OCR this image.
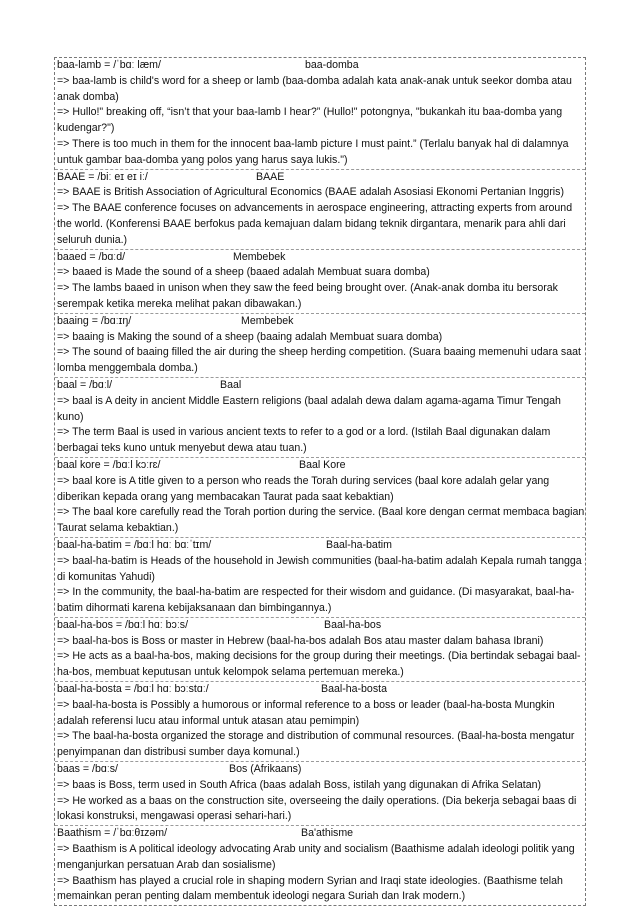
baa-lamb = /ˈbɑː læm/	baa-domba
=> baa-lamb is child's word for a sheep or lamb (baa-domba adalah kata anak-anak untuk seekor domba atau anak domba)
=> Hullo!" breaking off, “isn’t that your baa-lamb I hear?” (Hullo!" potongnya, "bukankah itu baa-domba yang kudengar?")
=> There is too much in them for the innocent baa-lamb picture I must paint.” (Terlalu banyak hal di dalamnya untuk gambar baa-domba yang polos yang harus saya lukis.")
BAAE = /biː eɪ eɪ iː/	BAAE
=> BAAE is British Association of Agricultural Economics (BAAE adalah Asosiasi Ekonomi Pertanian Inggris)
=> The BAAE conference focuses on advancements in aerospace engineering, attracting experts from around the world. (Konferensi BAAE berfokus pada kemajuan dalam bidang teknik dirgantara, menarik para ahli dari seluruh dunia.)
baaed = /bɑːd/	Membebek
=> baaed is Made the sound of a sheep (baaed adalah Membuat suara domba)
=> The lambs baaed in unison when they saw the feed being brought over. (Anak-anak domba itu bersorak serempak ketika mereka melihat pakan dibawakan.)
baaing = /bɑːɪŋ/	Membebek
=> baaing is Making the sound of a sheep (baaing adalah Membuat suara domba)
=> The sound of baaing filled the air during the sheep herding competition. (Suara baaing memenuhi udara saat lomba menggembala domba.)
baal = /bɑːl/	Baal
=> baal is A deity in ancient Middle Eastern religions (baal adalah dewa dalam agama-agama Timur Tengah kuno)
=> The term Baal is used in various ancient texts to refer to a god or a lord. (Istilah Baal digunakan dalam berbagai teks kuno untuk menyebut dewa atau tuan.)
baal kore = /bɑːl kɔːrɛ/	Baal Kore
=> baal kore is A title given to a person who reads the Torah during services (baal kore adalah gelar yang diberikan kepada orang yang membacakan Taurat pada saat kebaktian)
=> The baal kore carefully read the Torah portion during the service. (Baal kore dengan cermat membaca bagian Taurat selama kebaktian.)
baal-ha-batim = /bɑːl hɑː bɑːˈtɪm/	Baal-ha-batim
=> baal-ha-batim is Heads of the household in Jewish communities (baal-ha-batim adalah Kepala rumah tangga di komunitas Yahudi)
=> In the community, the baal-ha-batim are respected for their wisdom and guidance. (Di masyarakat, baal-ha-batim dihormati karena kebijaksanaan dan bimbingannya.)
baal-ha-bos = /bɑːl hɑː bɔːs/	Baal-ha-bos
=> baal-ha-bos is Boss or master in Hebrew (baal-ha-bos adalah Bos atau master dalam bahasa Ibrani)
=> He acts as a baal-ha-bos, making decisions for the group during their meetings. (Dia bertindak sebagai baal-ha-bos, membuat keputusan untuk kelompok selama pertemuan mereka.)
baal-ha-bosta = /bɑːl hɑː bɔːstɑː/	Baal-ha-bosta
=> baal-ha-bosta is Possibly a humorous or informal reference to a boss or leader (baal-ha-bosta Mungkin adalah referensi lucu atau informal untuk atasan atau pemimpin)
=> The baal-ha-bosta organized the storage and distribution of communal resources. (Baal-ha-bosta mengatur penyimpanan dan distribusi sumber daya komunal.)
baas = /bɑːs/	Bos (Afrikaans)
=> baas is Boss, term used in South Africa (baas adalah Boss, istilah yang digunakan di Afrika Selatan)
=> He worked as a baas on the construction site, overseeing the daily operations. (Dia bekerja sebagai baas di lokasi konstruksi, mengawasi operasi sehari-hari.)
Baathism = /ˈbɑːθɪzəm/	Ba'athisme
=> Baathism is A political ideology advocating Arab unity and socialism (Baathisme adalah ideologi politik yang menganjurkan persatuan Arab dan sosialisme)
=> Baathism has played a crucial role in shaping modern Syrian and Iraqi state ideologies. (Baathisme telah memainkan peran penting dalam membentuk ideologi negara Suriah dan Irak modern.)
